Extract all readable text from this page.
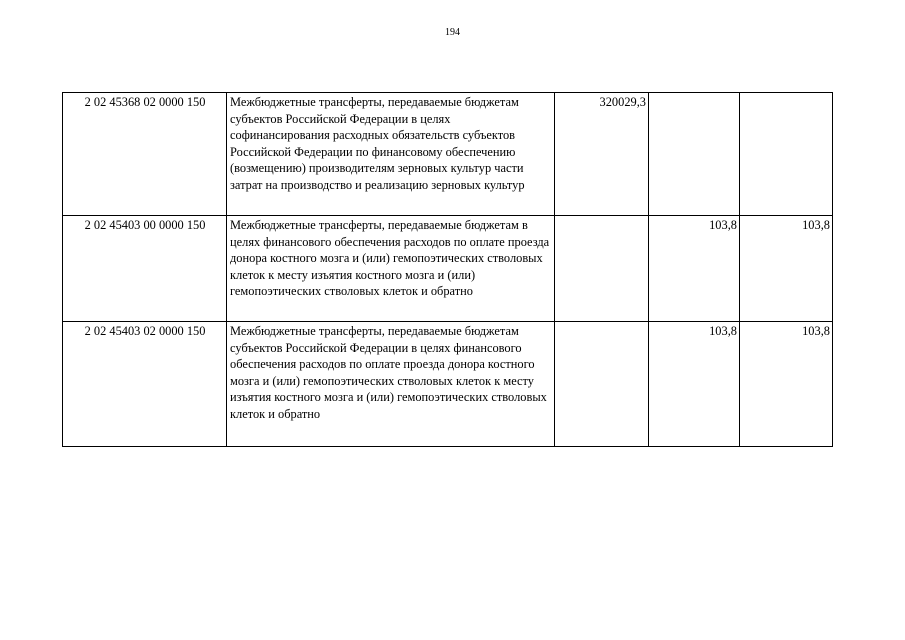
194
2 02 45368 02 0000 150	Межбюджетные трансферты, передаваемые бюджетам субъектов Российской Федерации в целях софинансирования расходных обязательств субъектов Российской Федерации по финансовому обеспечению (возмещению) производителям зерновых культур части затрат на производство и реализацию зерновых культур	320029,3		
2 02 45403 00 0000 150	Межбюджетные трансферты, передаваемые бюджетам в целях финансового обеспечения расходов по оплате проезда донора костного мозга и (или) гемопоэтических стволовых клеток к месту изъятия костного мозга и (или) гемопоэтических стволовых клеток и обратно		103,8	103,8
2 02 45403 02 0000 150	Межбюджетные трансферты, передаваемые бюджетам субъектов Российской Федерации в целях финансового обеспечения расходов по оплате проезда донора костного мозга и (или) гемопоэтических стволовых клеток к месту изъятия костного мозга и (или) гемопоэтических стволовых клеток и обратно		103,8	103,8
